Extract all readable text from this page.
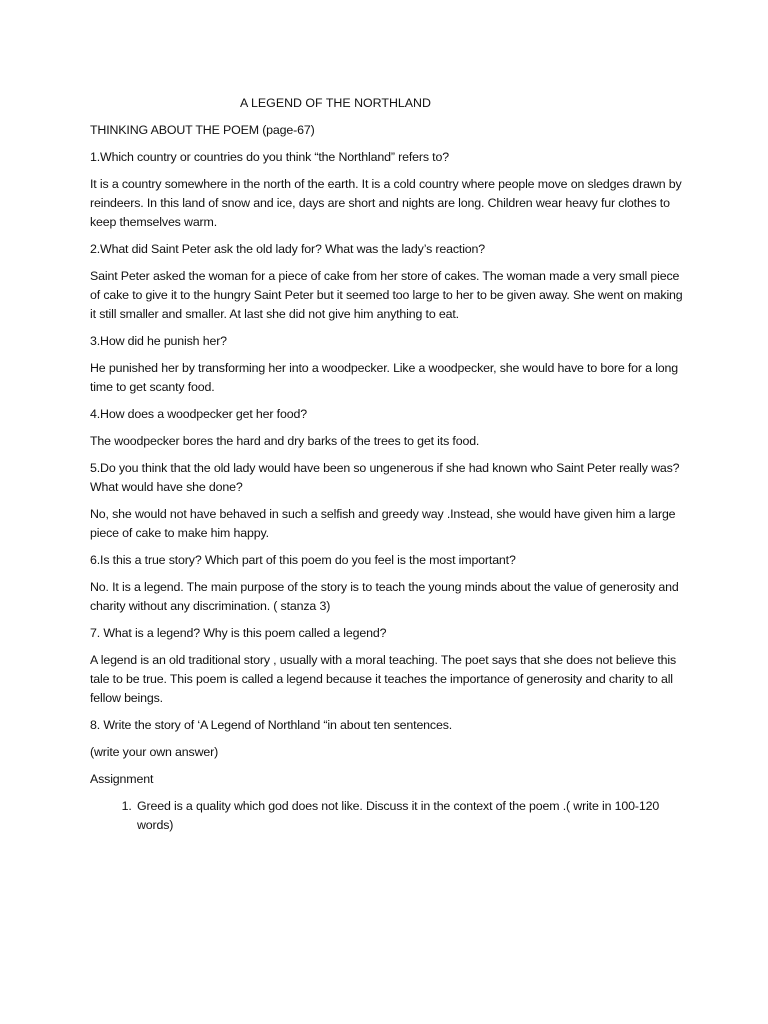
A LEGEND OF THE NORTHLAND

THINKING ABOUT THE POEM (page-67)

1.Which country or countries do you think “the Northland” refers to?

It is a country somewhere in the north of the earth. It is a cold country where people move on sledges drawn by reindeers. In this land of snow and ice, days are short and nights are long. Children wear heavy fur clothes to keep themselves warm.

2.What did Saint Peter ask the old lady for? What was the lady’s reaction?

Saint Peter asked the woman for a piece of cake from her store of cakes. The woman made a very small piece of cake to give it to the hungry Saint Peter but it seemed too large to her to be given away. She went on making it still smaller and smaller. At last she did not give him anything to eat.

3.How did he punish her?

He punished her by transforming her into a woodpecker. Like a woodpecker, she would have to bore for a long time to get scanty food.

4.How does a woodpecker get her food?

The woodpecker bores the hard and dry barks of the trees to get its food.

5.Do you think that the old lady would have been so ungenerous if she had known who Saint Peter really was? What would have she done?

No, she would not have behaved in such a selfish and greedy way .Instead, she would have given him a large piece of cake to make him happy.

6.Is this a true story? Which part of this poem do you feel is the most important?

No. It is a legend. The main purpose of the story is to teach the young minds about the value of generosity and charity without any discrimination. ( stanza 3)

7. What is a legend? Why is this poem called a legend?

A legend is an old traditional story , usually with a moral teaching. The poet says that she does not believe this tale to be true. This poem is called a legend because it teaches the importance of generosity and charity to all fellow beings.

8. Write the story of ‘A Legend of Northland “in about ten sentences.

(write your own answer)

Assignment

1. Greed is a quality which god does not like. Discuss it in the context of the poem .( write in 100-120 words)
